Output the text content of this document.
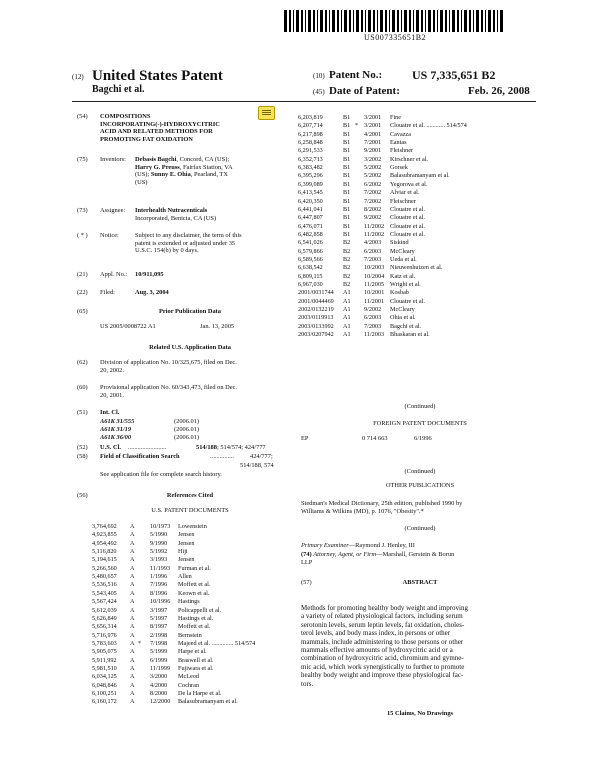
US007335651B2
(12) United States Patent
Bagchi et al.
(10) Patent No.: US 7,335,651 B2
(45) Date of Patent:	Feb. 26, 2008
(54) COMPOSITIONS
INCORPORATING(-)-HYDROXYCITRIC
ACID AND RELATED METHODS FOR
PROMOTING FAT OXIDATION
(75) Inventors: Debasis Bagchi, Concord, CA (US);
Harry G. Preuss, Fairfax Station, VA
(US); Sunny E. Ohia, Pearland, TX
(US)
(73) Assignee: Interhealth Nutracenticals
Incorporated, Benicia, CA (US)
( * ) Notice:	Subject to any disclaimer, the term of this
patent is extended or adjusted under 35
U.S.C. 154(b) by 0 days.
(21) Appl. No.: 10/911,095
(22) Filed:	Aug. 3, 2004
(65)	Prior Publication Data
US 2005/0008722 A1	Jan. 13, 2005
Related U.S. Application Data
(62) Division of application No. 10/325,675, filed on Dec.
20, 2002.
(60) Provisional application No. 60/343,473, filed on Dec.
20, 2001.
(51) Int. Cl.
A61K 31/555	(2006.01)
A61K 31/19	(2006.01)
A61K 36/00	(2006.01)
(52) U.S. Cl. ........................	514/188; 514/574; 424/777
(58) Field of Classification Search	...............	424/777;
514/188, 574
See application file for complete search history.
(56)	References Cited
U.S. PATENT DOCUMENTS
3,764,692 A	10/1973 Lowenstein
4,923,855 A	5/1990 Jensen
4,954,492 A	9/1990 Jensen
5,116,820 A	5/1992 Hiji
5,194,615 A	3/1993 Jensen
5,266,560 A	11/1993 Furman et al.
5,480,657 A	1/1996 Allen
5,536,516 A	7/1996 Moffett et al.
5,543,405 A	8/1996 Keown et al.
5,567,424 A	10/1996 Hastings
5,612,039 A	3/1997 Policappelli et al.
5,626,849 A	5/1997 Hastings et al.
5,656,314 A	8/1997 Moffett et al.
5,716,976 A	2/1998 Bernstein
5,783,603 A * 7/1998 Majeed et al. .............. 514/574
5,905,075 A	5/1999 Harpe et al.
5,911,992 A	6/1999 Braswell et al.
5,981,510 A	11/1999 Fujiwara et al.
6,034,125 A	3/2000 McLeod
6,048,846 A	4/2000 Cochran
6,100,251 A	8/2000 De la Harpe et al.
6,160,172 A	12/2000 Balasubramanyam et al.
6,203,819	B1 3/2001 Fine
6,207,714	B1 * 3/2001 Clouatre et al. ............ 514/574
6,217,898	B1 4/2001 Cavazza
6,258,848	B1 7/2001 Eantas
6,291,533	B1 9/2001 Fleishner
6,352,713	B1 3/2002 Kirschner et al.
6,383,482	B1 5/2002 Gorsek
6,395,296	B1 5/2002 Balasubramanyam et al.
6,399,089	B1 6/2002 Yegorova et al.
6,413,545	B1 7/2002 Alviar et al.
6,420,350	B1 7/2002 Fleischner
6,441,041	B1 8/2002 Clouatre et al.
6,447,807	B1 9/2002 Clouatre et al.
6,476,071	B1 11/2002 Clouatre et al.
6,482,858	B1 11/2002 Clouatre et al.
6,541,026	B2 4/2003 Siskind
6,579,866	B2 6/2003 McCleary
6,589,566	B2 7/2003 Ueda et al.
6,638,542	B2 10/2003 Nieuwenhuizen et al.
6,809,115	B2 10/2004 Katz et al.
6,967,030	B2 11/2005 Wright et al.
2001/0031744 A1 10/2001 Kosbab
2001/0044469 A1 11/2001 Clouatre et al.
2002/0132219 A1 9/2002 McCleary
2003/0119913 A1 6/2003 Ohia et al.
2003/0133992 A1 7/2003 Bagchi et al.
2003/0207942 A1 11/2003 Bhaskaran et al.
(Continued)
FOREIGN PATENT DOCUMENTS
EP	0 714 663	6/1996
(Continued)
OTHER PUBLICATIONS
Stedman's Medical Dictionary, 25th edition, published 1990 by
Williams & Wilkins (MD), p. 1076, "Obesity".*
(Continued)
Primary Examiner—Raymond J. Henley, III
(74) Attorney, Agent, or Firm—Marshall, Gerstein & Borun
LLP
(57)	ABSTRACT
Methods for promoting healthy body weight and improving
a variety of related physiological factors, including serum
serotonin levels, serum leptin levels, fat oxidation, choles-
terol levels, and body mass index, in persons or other
mammals, include administering to those persons or other
mammals effective amounts of hydroxycitric acid or a
combination of hydroxycitric acid, chromium and gymne-
mic acid, which work synergistically to further to promote
healthy body weight and improve these physiological fac-
tors.
15 Claims, No Drawings
